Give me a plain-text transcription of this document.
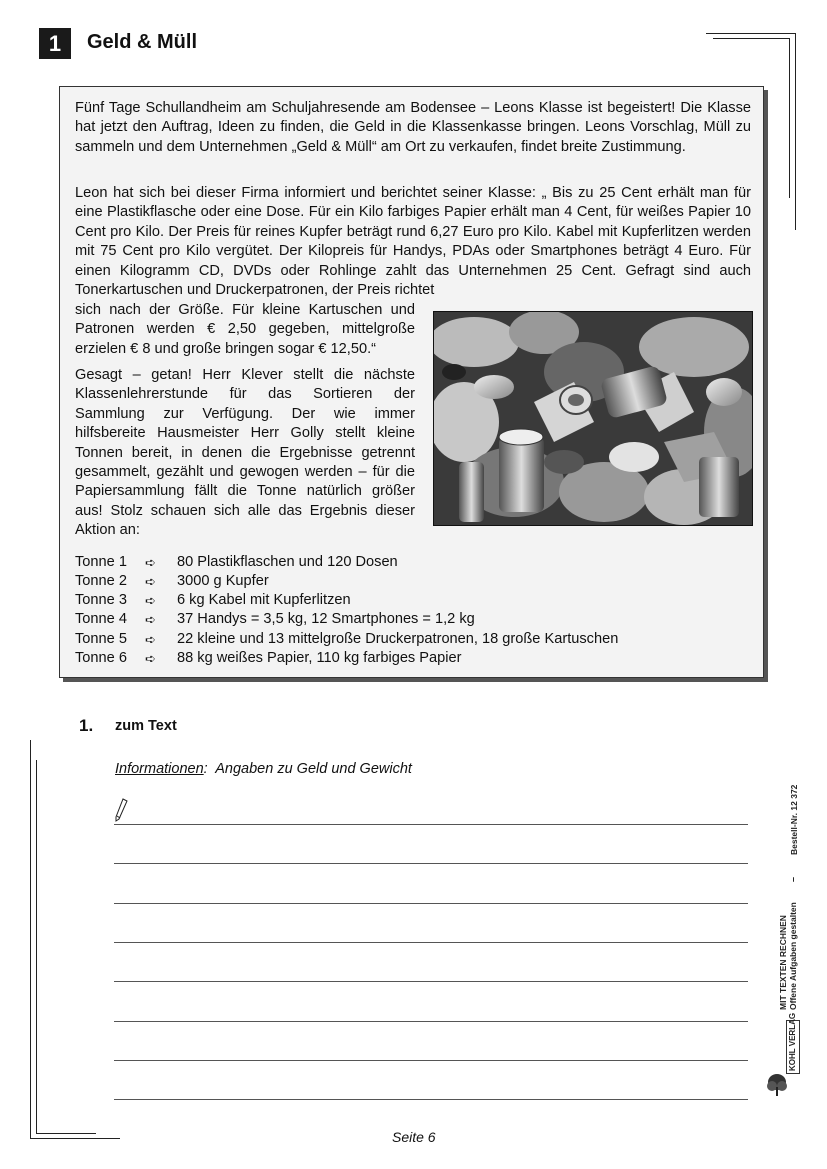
1	Geld & Müll
Fünf Tage Schullandheim am Schuljahresende am Bodensee – Leons Klasse ist begeistert! Die Klasse hat jetzt den Auftrag, Ideen zu finden, die Geld in die Klassenkasse bringen. Leons Vorschlag, Müll zu sammeln und dem Unternehmen „Geld & Müll“ am Ort zu verkaufen, findet breite Zustimmung.
Leon hat sich bei dieser Firma informiert und berichtet seiner Klasse: „ Bis zu 25 Cent erhält man für eine Plastikflasche oder eine Dose. Für ein Kilo farbiges Papier erhält man 4 Cent, für weißes Papier 10 Cent pro Kilo. Der Preis für reines Kupfer beträgt rund 6,27 Euro pro Kilo. Kabel mit Kupferlitzen werden mit 75 Cent pro Kilo vergütet. Der Kilopreis für Handys, PDAs oder Smartphones beträgt 4 Euro. Für einen Kilogramm CD, DVDs oder Rohlinge zahlt das Unternehmen 25 Cent. Gefragt sind auch Tonerkartuschen und Druckerpatronen, der Preis richtet
sich nach der Größe. Für kleine Kartuschen und Patronen werden € 2,50 gegeben, mittelgroße erzielen € 8 und große bringen sogar € 12,50.“
Gesagt – getan! Herr Klever stellt die nächste Klassenlehrerstunde für das Sortieren der Sammlung zur Verfügung. Der wie immer hilfsbereite Hausmeister Herr Golly stellt kleine Tonnen bereit, in denen die Ergebnisse getrennt gesammelt, gezählt und gewogen werden – für die Papiersammlung fällt die Tonne natürlich größer aus! Stolz schauen sich alle das Ergebnis dieser Aktion an:
Tonne 1 ➪ 80 Plastikflaschen und 120 Dosen
Tonne 2 ➪ 3000 g Kupfer
Tonne 3 ➪ 6 kg Kabel mit Kupferlitzen
Tonne 4 ➪ 37 Handys = 3,5 kg, 12 Smartphones = 1,2 kg
Tonne 5 ➪ 22 kleine und 13 mittelgroße Druckerpatronen, 18 große Kartuschen
Tonne 6 ➪ 88 kg weißes Papier, 110 kg farbiges Papier
1. zum Text
Informationen: Angaben zu Geld und Gewicht
MIT TEXTEN RECHNEN Offene Aufgaben gestalten
–
Bestell-Nr. 12 372
KOHL VERLAG
Seite 6
